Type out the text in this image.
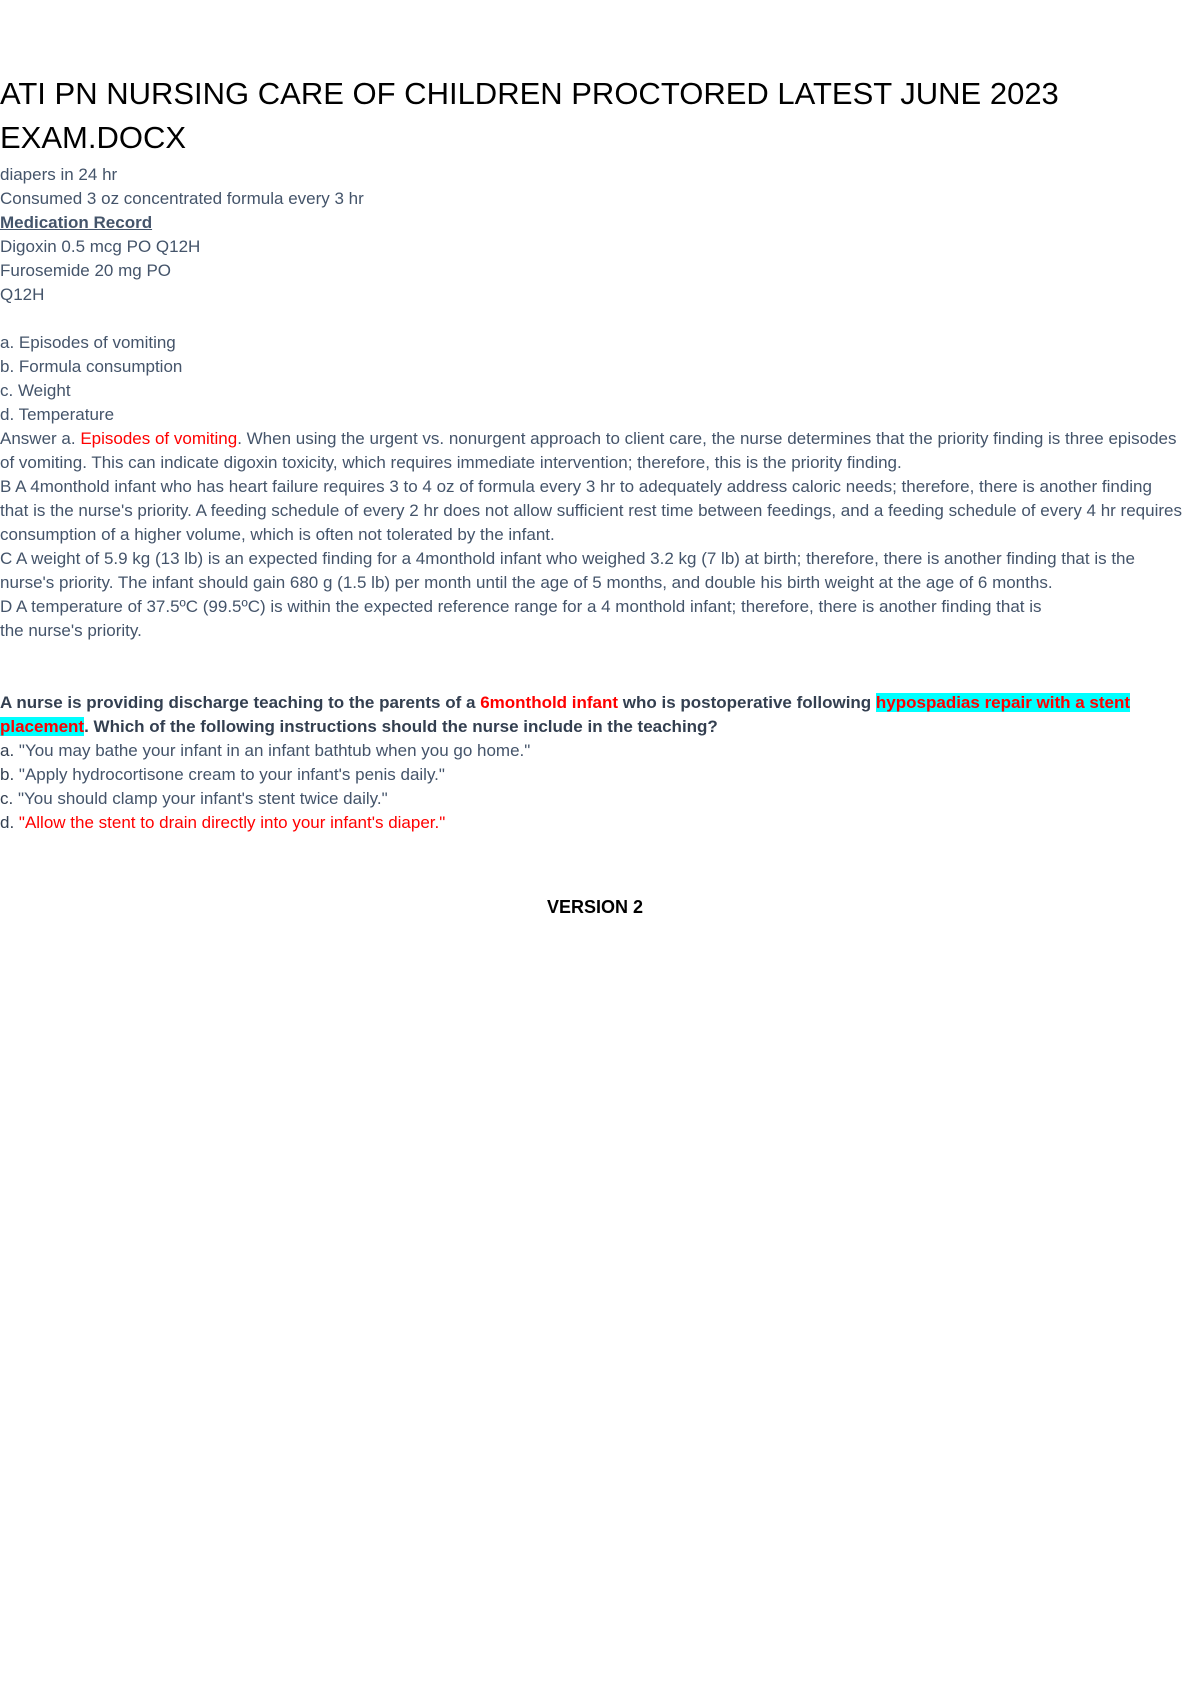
ATI PN NURSING CARE OF CHILDREN PROCTORED LATEST JUNE 2023 EXAM.DOCX
diapers in 24 hr
Consumed 3 oz concentrated formula every 3 hr
Medication Record
Digoxin 0.5 mcg PO Q12H
Furosemide 20 mg PO
Q12H
a. Episodes of vomiting
b. Formula consumption
c. Weight
d. Temperature
Answer a. Episodes of vomiting. When using the urgent vs. nonurgent approach to client care, the nurse determines that the priority finding is three episodes of vomiting. This can indicate digoxin toxicity, which requires immediate intervention; therefore, this is the priority finding.
B A 4monthold infant who has heart failure requires 3 to 4 oz of formula every 3 hr to adequately address caloric needs; therefore, there is another finding that is the nurse's priority. A feeding schedule of every 2 hr does not allow sufficient rest time between feedings, and a feeding schedule of every 4 hr requires consumption of a higher volume, which is often not tolerated by the infant.
C A weight of 5.9 kg (13 lb) is an expected finding for a 4monthold infant who weighed 3.2 kg (7 lb) at birth; therefore, there is another finding that is the nurse's priority. The infant should gain 680 g (1.5 lb) per month until the age of 5 months, and double his birth weight at the age of 6 months.
D A temperature of 37.5ºC (99.5ºC) is within the expected reference range for a 4 monthold infant; therefore, there is another finding that is
the nurse's priority.
A nurse is providing discharge teaching to the parents of a 6monthold infant who is postoperative following hypospadias repair with a stent placement. Which of the following instructions should the nurse include in the teaching?
a. "You may bathe your infant in an infant bathtub when you go home."
b. "Apply hydrocortisone cream to your infant's penis daily."
c. "You should clamp your infant's stent twice daily."
d. "Allow the stent to drain directly into your infant's diaper."
VERSION 2
